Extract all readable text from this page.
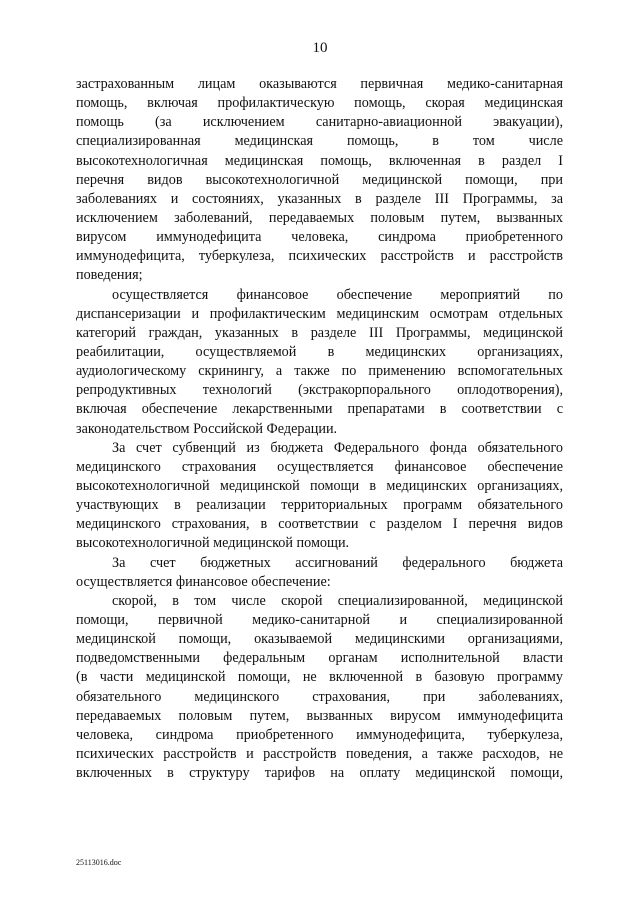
10
застрахованным лицам оказываются первичная медико-санитарная
помощь, включая профилактическую помощь, скорая медицинская
помощь (за исключением санитарно-авиационной эвакуации),
специализированная медицинская помощь, в том числе
высокотехнологичная медицинская помощь, включенная в раздел I
перечня видов высокотехнологичной медицинской помощи, при
заболеваниях и состояниях, указанных в разделе III Программы, за
исключением заболеваний, передаваемых половым путем, вызванных
вирусом иммунодефицита человека, синдрома приобретенного
иммунодефицита, туберкулеза, психических расстройств и расстройств
поведения;
осуществляется финансовое обеспечение мероприятий по
диспансеризации и профилактическим медицинским осмотрам отдельных
категорий граждан, указанных в разделе III Программы, медицинской
реабилитации, осуществляемой в медицинских организациях,
аудиологическому скринингу, а также по применению вспомогательных
репродуктивных технологий (экстракорпорального оплодотворения),
включая обеспечение лекарственными препаратами в соответствии с
законодательством Российской Федерации.
За счет субвенций из бюджета Федерального фонда обязательного
медицинского страхования осуществляется финансовое обеспечение
высокотехнологичной медицинской помощи в медицинских организациях,
участвующих в реализации территориальных программ обязательного
медицинского страхования, в соответствии с разделом I перечня видов
высокотехнологичной медицинской помощи.
За счет бюджетных ассигнований федерального бюджета
осуществляется финансовое обеспечение:
скорой, в том числе скорой специализированной, медицинской
помощи, первичной медико-санитарной и специализированной
медицинской помощи, оказываемой медицинскими организациями,
подведомственными федеральным органам исполнительной власти
(в части медицинской помощи, не включенной в базовую программу
обязательного медицинского страхования, при заболеваниях,
передаваемых половым путем, вызванных вирусом иммунодефицита
человека, синдрома приобретенного иммунодефицита, туберкулеза,
психических расстройств и расстройств поведения, а также расходов, не
включенных в структуру тарифов на оплату медицинской помощи,
25113016.doc
